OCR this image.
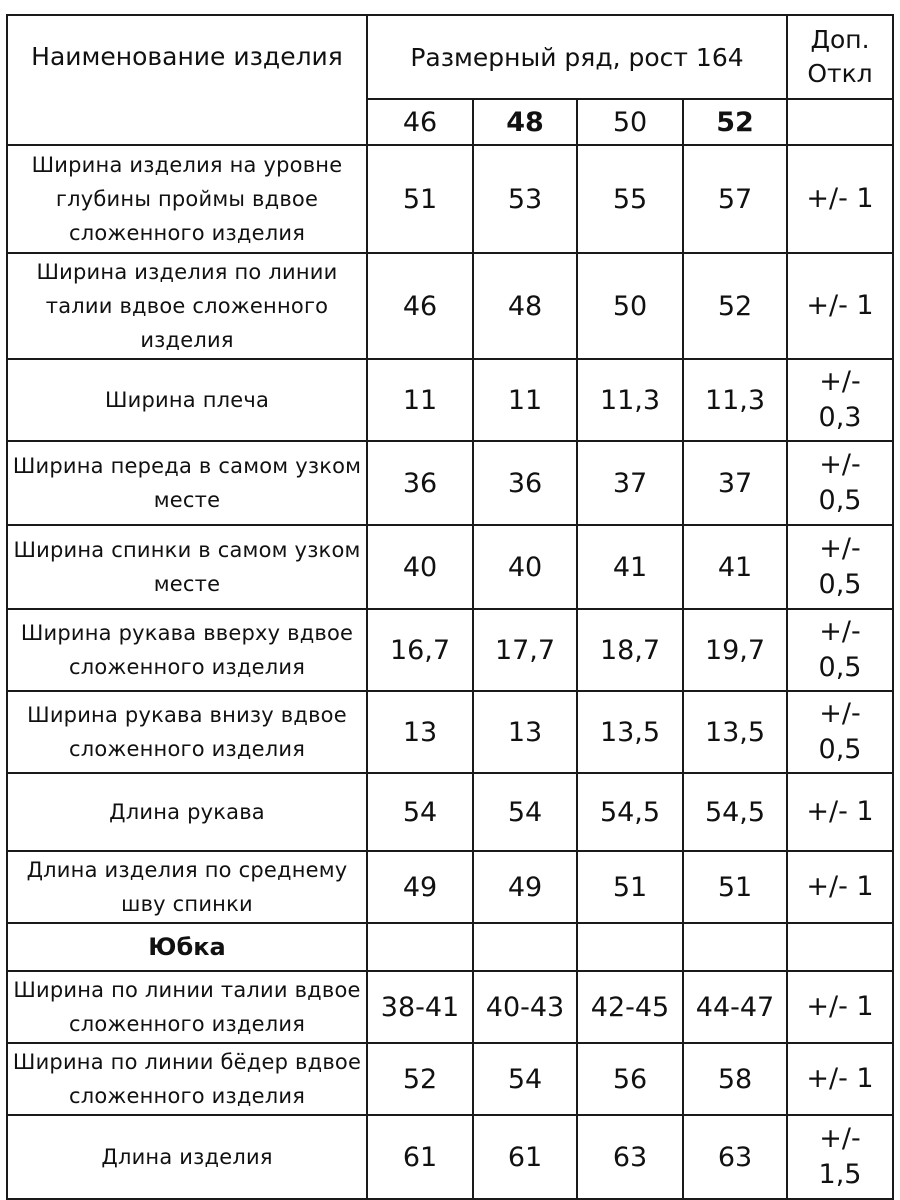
Наименование изделия	Размерный ряд, рост 164				Доп.
Откл

	46	48	50	52	
Ширина изделия на уровне глубины проймы вдвое сложенного изделия	51	53	55	57	+/- 1

Ширина изделия по линии талии вдвое сложенного изделия	46	48	50	52	+/- 1

Ширина плеча	11	11	11,3	11,3	+/-
0,3

Ширина переда в самом узком месте	36	36	37	37	+/-
0,5

Ширина спинки в самом узком месте	40	40	41	41	+/-
0,5

Ширина рукава вверху вдвое сложенного изделия	16,7	17,7	18,7	19,7	+/-
0,5

Ширина рукава внизу вдвое сложенного изделия	13	13	13,5	13,5	+/-
0,5

Длина рукава	54	54	54,5	54,5	+/- 1

Длина изделия по среднему шву спинки	49	49	51	51	+/- 1

Юбка					
Ширина по линии талии вдвое сложенного изделия	38-41	40-43	42-45	44-47	+/- 1

Ширина по линии бёдер вдвое сложенного изделия	52	54	56	58	+/- 1

Длина изделия	61	61	63	63	+/-
1,5
